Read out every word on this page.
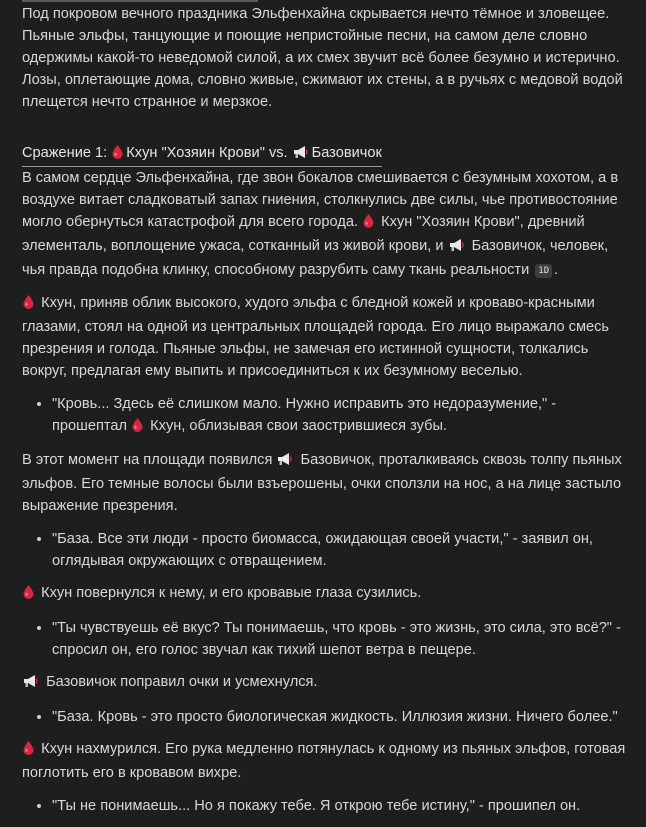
Под покровом вечного праздника Эльфенхайна скрывается нечто тёмное и зловещее. Пьяные эльфы, танцующие и поющие непристойные песни, на самом деле словно одержимы какой-то неведомой силой, а их смех звучит всё более безумно и истерично. Лозы, оплетающие дома, словно живые, сжимают их стены, а в ручьях с медовой водой плещется нечто странное и мерзкое.

Сражение 1: Кхун "Хозяин Крови" vs. Базовичок

В самом сердце Эльфенхайна, где звон бокалов смешивается с безумным хохотом, а в воздухе витает сладковатый запах гниения, столкнулись две силы, чье противостояние могло обернуться катастрофой для всего города. Кхун "Хозяин Крови", древний элементаль, воплощение ужаса, сотканный из живой крови, и Базовичок, человек, чья правда подобна клинку, способному разрубить саму ткань реальности 1D .

Кхун, приняв облик высокого, худого эльфа с бледной кожей и кроваво-красными глазами, стоял на одной из центральных площадей города. Его лицо выражало смесь презрения и голода. Пьяные эльфы, не замечая его истинной сущности, толкались вокруг, предлагая ему выпить и присоединиться к их безумному веселью.

"Кровь... Здесь её слишком мало. Нужно исправить это недоразумение," - прошептал Кхун, облизывая свои заострившиеся зубы.

В этот момент на площади появился Базовичок, проталкиваясь сквозь толпу пьяных эльфов. Его темные волосы были взъерошены, очки сползли на нос, а на лице застыло выражение презрения.

"База. Все эти люди - просто биомасса, ожидающая своей участи," - заявил он, оглядывая окружающих с отвращением.

Кхун повернулся к нему, и его кровавые глаза сузились.

"Ты чувствуешь её вкус? Ты понимаешь, что кровь - это жизнь, это сила, это всё?" - спросил он, его голос звучал как тихий шепот ветра в пещере.

Базовичок поправил очки и усмехнулся.

"База. Кровь - это просто биологическая жидкость. Иллюзия жизни. Ничего более."

Кхун нахмурился. Его рука медленно потянулась к одному из пьяных эльфов, готовая поглотить его в кровавом вихре.

"Ты не понимаешь... Но я покажу тебе. Я открою тебе истину," - прошипел он.
